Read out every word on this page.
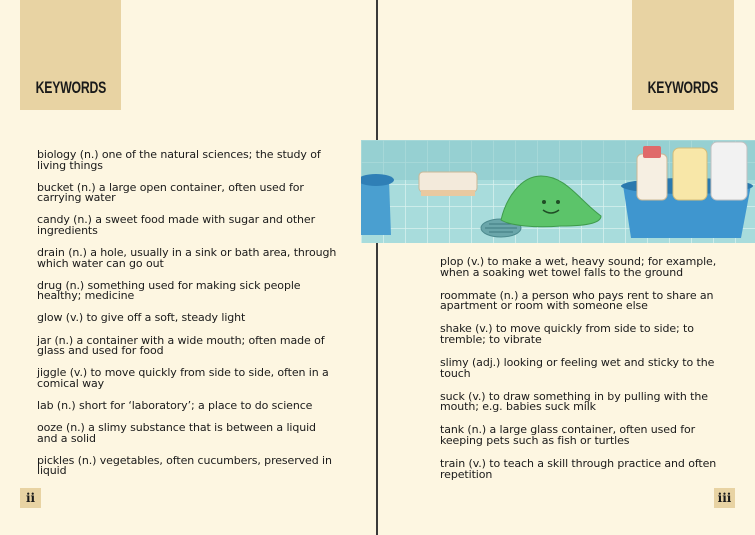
KEYWORDS
biology (n.) one of the natural sciences; the study of living things
bucket (n.) a large open container, often used for carrying water
candy (n.) a sweet food made with sugar and other ingredients
drain (n.) a hole, usually in a sink or bath area, through which water can go out
drug (n.) something used for making sick people healthy; medicine
glow (v.) to give off a soft, steady light
jar (n.) a container with a wide mouth; often made of glass and used for food
jiggle (v.) to move quickly from side to side, often in a comical way
lab (n.) short for ‘laboratory’; a place to do science
ooze (n.) a slimy substance that is between a liquid and a solid
pickles (n.) vegetables, often cucumbers, preserved in liquid
ii
KEYWORDS
plop (v.) to make a wet, heavy sound; for example, when a soaking wet towel falls to the ground
roommate (n.) a person who pays rent to share an apartment or room with someone else
shake (v.) to move quickly from side to side; to tremble; to vibrate
slimy (adj.) looking or feeling wet and sticky to the touch
suck (v.) to draw something in by pulling with the mouth; e.g. babies suck milk
tank (n.) a large glass container, often used for keeping pets such as fish or turtles
train (v.) to teach a skill through practice and often repetition
iii
